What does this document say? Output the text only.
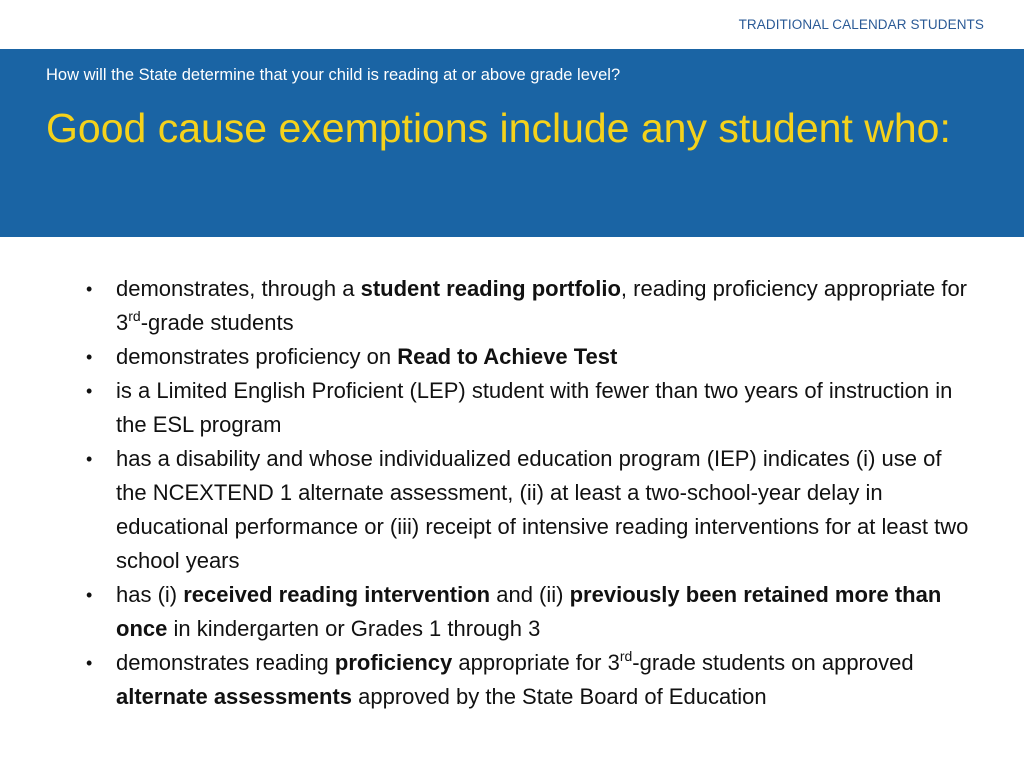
TRADITIONAL CALENDAR STUDENTS
How will the State determine that your child is reading at or above grade level?
Good cause exemptions include any student who:
• demonstrates, through a student reading portfolio, reading proficiency appropriate for 3rd-grade students
• demonstrates proficiency on Read to Achieve Test
• is a Limited English Proficient (LEP) student with fewer than two years of instruction in the ESL program
• has a disability and whose individualized education program (IEP) indicates (i) use of the NCEXTEND 1 alternate assessment, (ii) at least a two-school-year delay in educational performance or (iii) receipt of intensive reading interventions for at least two school years
• has (i) received reading intervention and (ii) previously been retained more than once in kindergarten or Grades 1 through 3
• demonstrates reading proficiency appropriate for 3rd-grade students on approved alternate assessments approved by the State Board of Education
